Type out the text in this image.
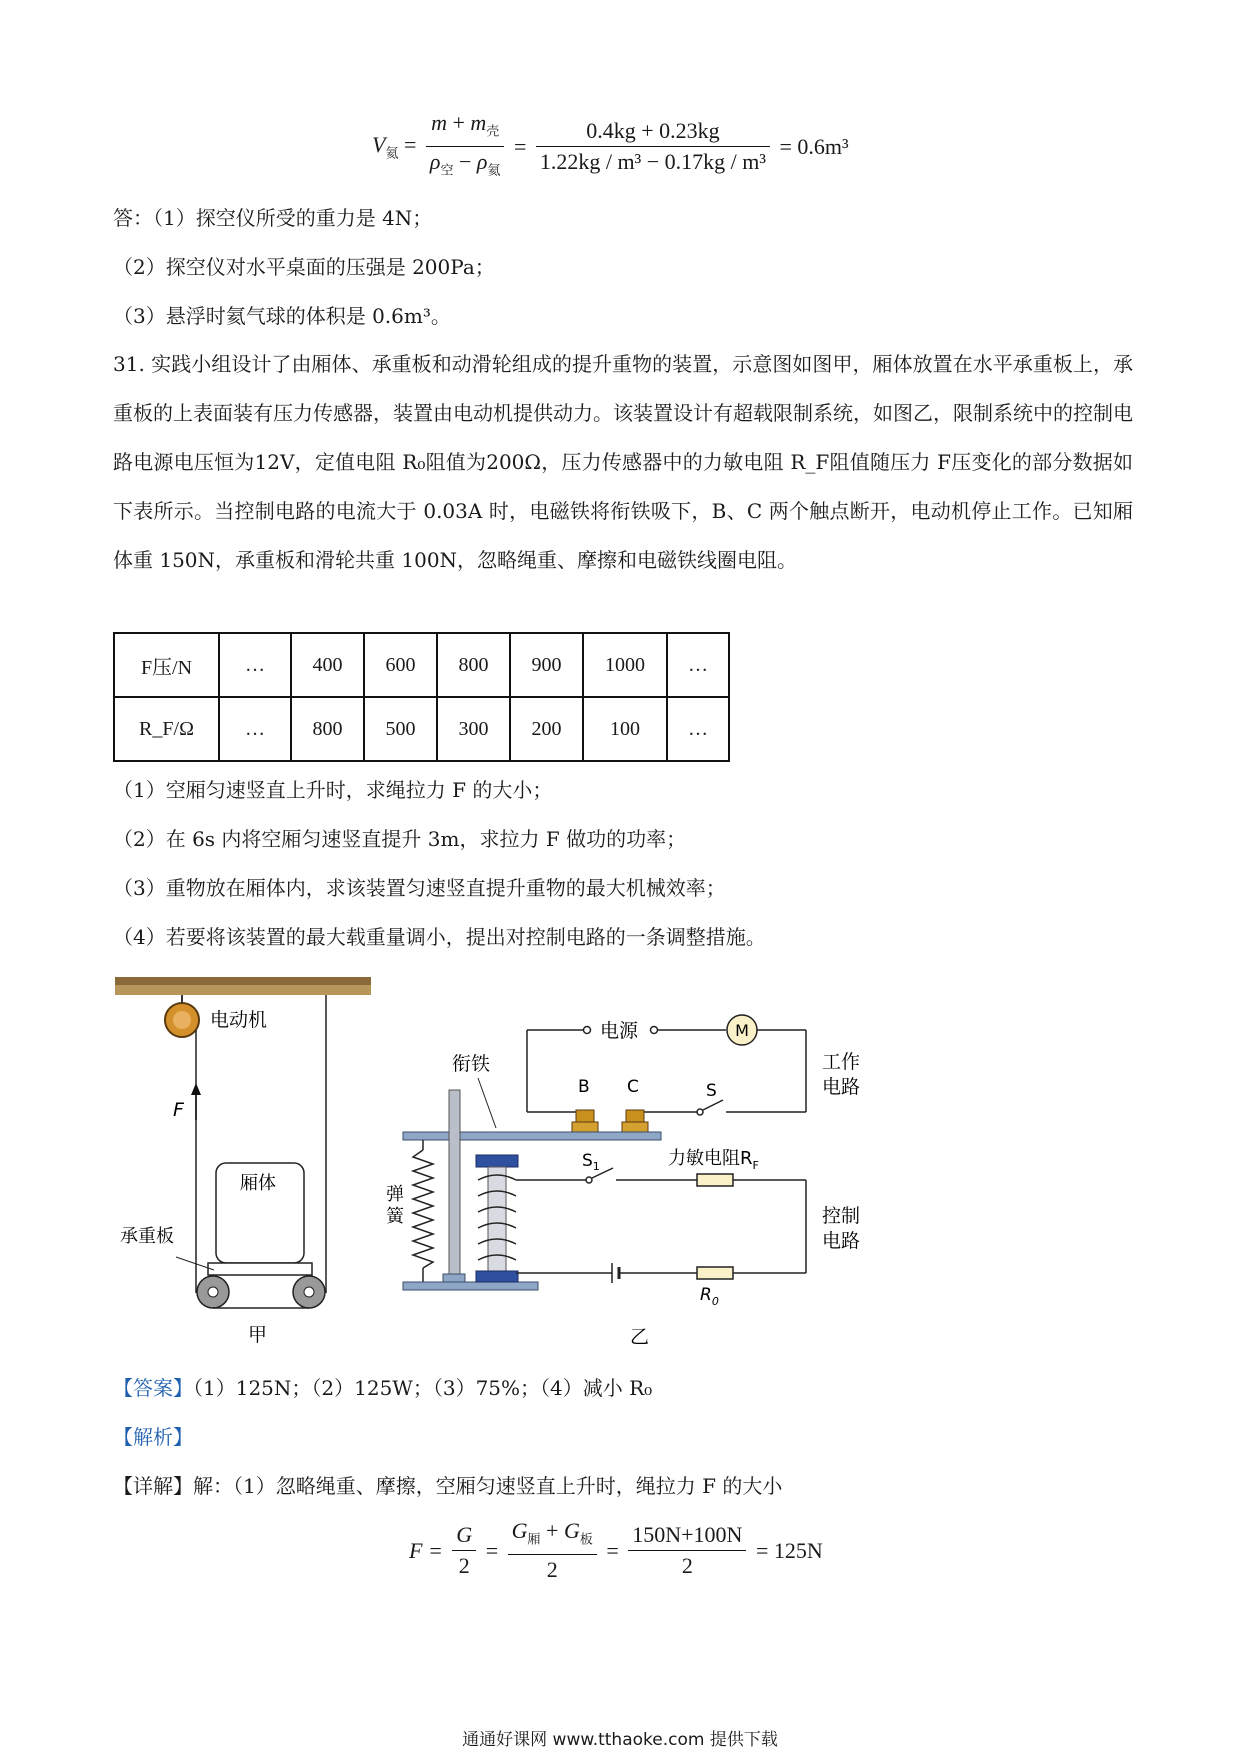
$V_氦 = \frac{m + m_壳}{\rho_空 - \rho_氦} = \frac{0.4kg + 0.23kg}{\text{1.22kg / m³ − 0.17kg / m³}} = 0.6m^3$
答：（1）探空仪所受的重力是 4N；
（2）探空仪对水平桌面的压强是 200Pa；
（3）悬浮时氦气球的体积是 0.6m³。
31. 实践小组设计了由厢体、承重板和动滑轮组成的提升重物的装置，示意图如图甲，厢体放置在水平承重板上，承重板的上表面装有压力传感器，装置由电动机提供动力。该装置设计有超载限制系统，如图乙，限制系统中的控制电路电源电压恒为12V，定值电阻 R₀阻值为200Ω，压力传感器中的力敏电阻 R_F阻值随压力 F压变化的部分数据如下表所示。当控制电路的电流大于 0.03A 时，电磁铁将衔铁吸下，B、C 两个触点断开，电动机停止工作。已知厢体重 150N，承重板和滑轮共重 100N，忽略绳重、摩擦和电磁铁线圈电阻。
F压/N	…	400	600	800	900	1000	…
R_F/Ω	…	800	500	300	200	100	…
（1）空厢匀速竖直上升时，求绳拉力 F 的大小；
（2）在 6s 内将空厢匀速竖直提升 3m，求拉力 F 做功的功率；
（3）重物放在厢体内，求该装置匀速竖直提升重物的最大机械效率；
（4）若要将该装置的最大载重量调小，提出对控制电路的一条调整措施。
电动机
F
厢体
承重板
甲
电源	M
S
工作
电路
B C
衔铁
弹
簧
$S_1$	力敏电阻$R_F$
$R_0$
控制
电路
乙
【答案】（1）125N；（2）125W；（3）75%；（4）减小 R₀
【解析】
【详解】解：（1）忽略绳重、摩擦，空厢匀速竖直上升时，绳拉力 F 的大小
$F = \frac{G}{2} = \frac{G_厢 + G_板}{2} = \frac{150N+100N}{2} = 125N$
通通好课网 www.tthaoke.com 提供下载
